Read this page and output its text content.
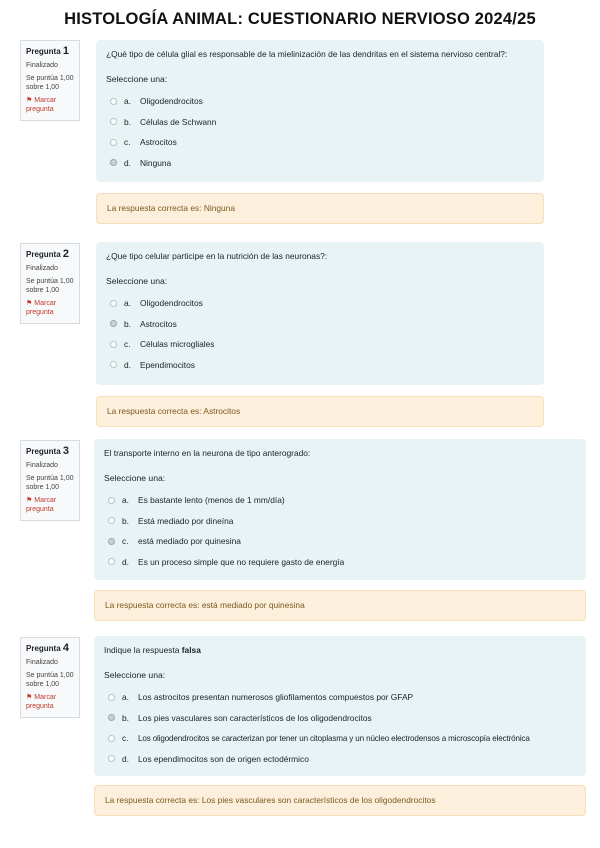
HISTOLOGÍA ANIMAL: CUESTIONARIO NERVIOSO 2024/25
Pregunta 1
Finalizado
Se puntúa 1,00 sobre 1,00
⚑ Marcar pregunta
¿Qué tipo de célula glial es responsable de la mielinización de las dendritas en el sistema nervioso central?:
Seleccione una:
a.	Oligodendrocitos
b.	Células de Schwann
c.	Astrocitos
d.	Ninguna
La respuesta correcta es: Ninguna
Pregunta 2
Finalizado
Se puntúa 1,00 sobre 1,00
⚑ Marcar pregunta
¿Que tipo celular participe en la nutrición de las neuronas?:
Seleccione una:
a.	Oligodendrocitos
b.	Astrocitos
c.	Células microgliales
d.	Ependimocitos
La respuesta correcta es: Astrocitos
Pregunta 3
Finalizado
Se puntúa 1,00 sobre 1,00
⚑ Marcar pregunta
El transporte interno en la neurona de tipo anterogrado:
Seleccione una:
a.	Es bastante lento (menos de 1 mm/día)
b.	Está mediado por dineína
c.	está mediado por quinesina
d.	Es un proceso simple que no requiere gasto de energía
La respuesta correcta es: está mediado por quinesina
Pregunta 4
Finalizado
Se puntúa 1,00 sobre 1,00
⚑ Marcar pregunta
Indique la respuesta falsa
Seleccione una:
a.	Los astrocitos presentan numerosos gliofilamentos compuestos por GFAP
b.	Los pies vasculares son característicos de los oligodendrocitos
c.	Los oligodendrocitos se caracterizan por tener un citoplasma y un núcleo electrodensos a microscopía electrónica
d.	Los ependimocitos son de origen ectodérmico
La respuesta correcta es: Los pies vasculares son característicos de los oligodendrocitos
